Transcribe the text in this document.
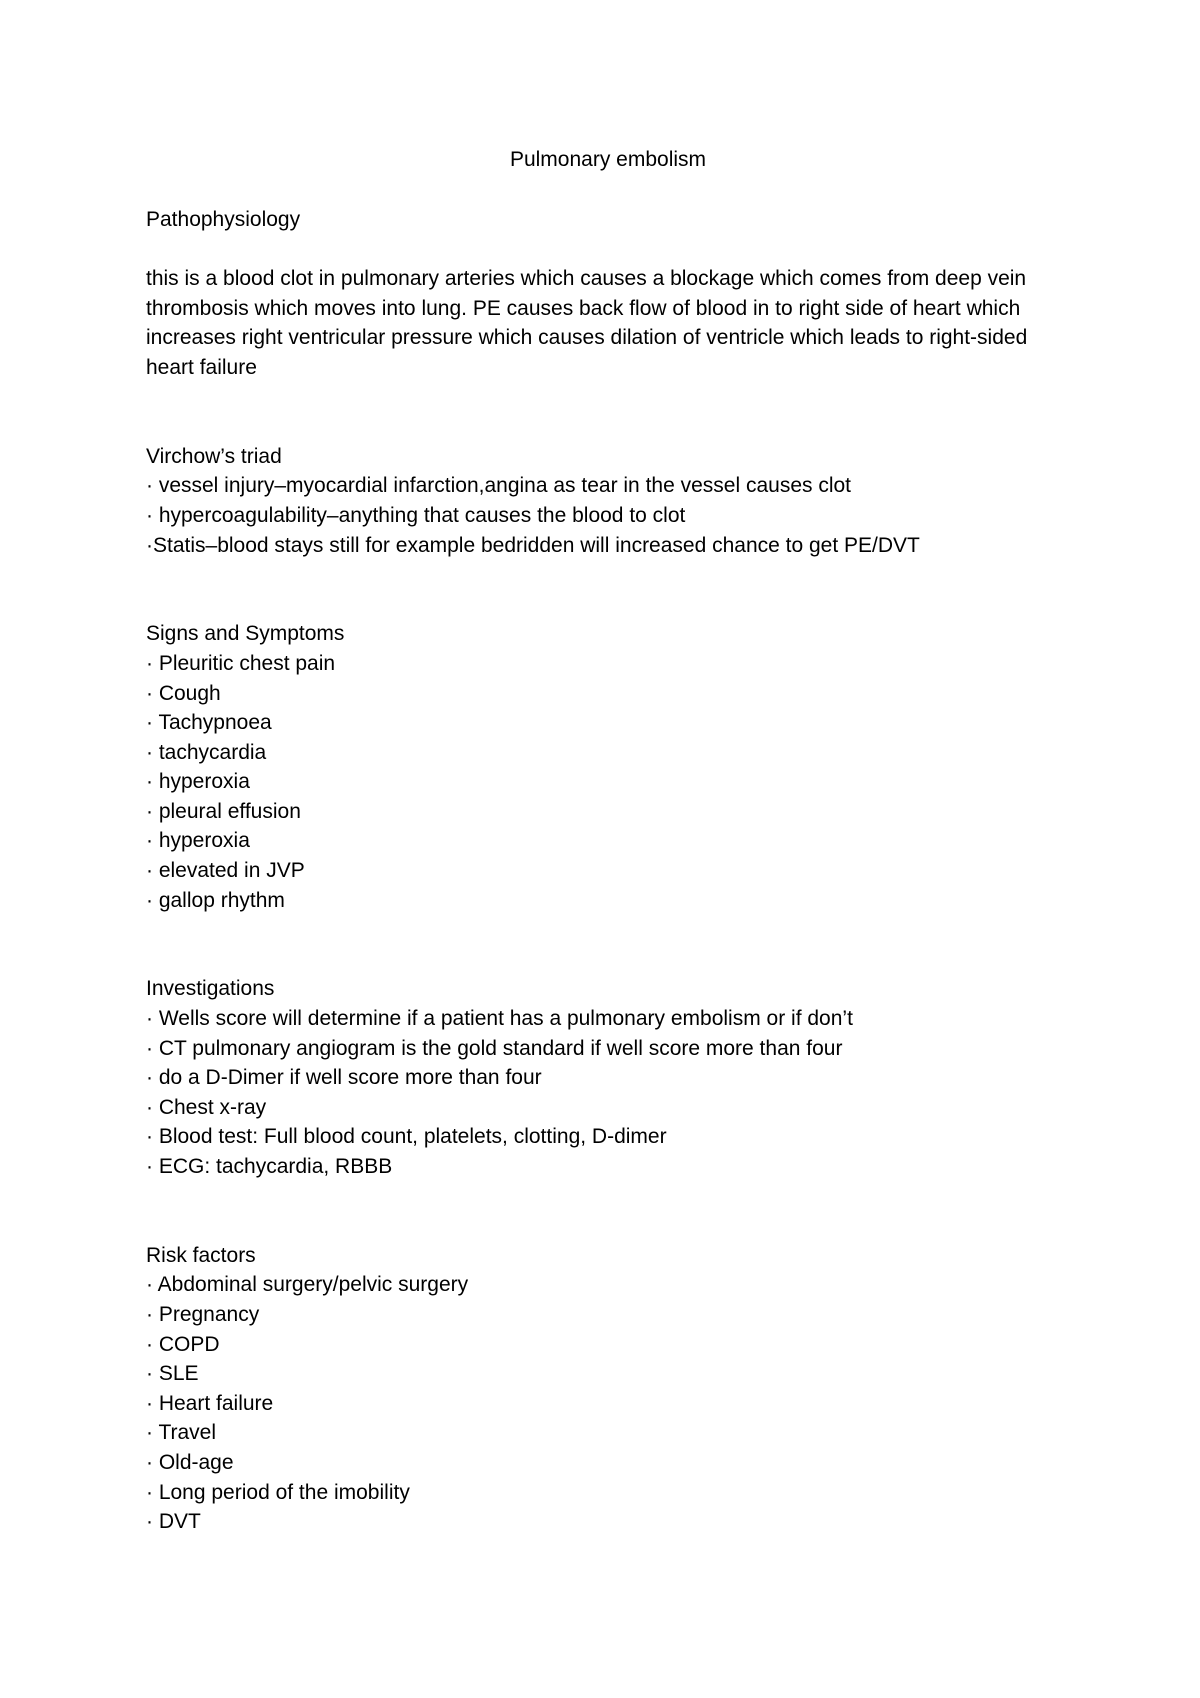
Pulmonary embolism

Pathophysiology

this is a blood clot in pulmonary arteries which causes a blockage which comes from deep vein thrombosis which moves into lung. PE causes back flow of blood in to right side of heart which increases right ventricular pressure which causes dilation of ventricle which leads to right-sided heart failure

Virchow’s triad

· vessel injury–myocardial infarction,angina as tear in the vessel causes clot
· hypercoagulability–anything that causes the blood to clot
·Statis–blood stays still for example bedridden will increased chance to get PE/DVT

Signs and Symptoms

· Pleuritic chest pain
· Cough
· Tachypnoea
· tachycardia
· hyperoxia
· pleural effusion
· hyperoxia
· elevated in JVP
· gallop rhythm

Investigations

· Wells score will determine if a patient has a pulmonary embolism or if don’t
· CT pulmonary angiogram is the gold standard if well score more than four
· do a D-Dimer if well score more than four
· Chest x-ray
· Blood test: Full blood count, platelets, clotting, D-dimer
· ECG: tachycardia, RBBB

Risk factors

· Abdominal surgery/pelvic surgery
· Pregnancy
· COPD
· SLE
· Heart failure
· Travel
· Old-age
· Long period of the imobility
· DVT
